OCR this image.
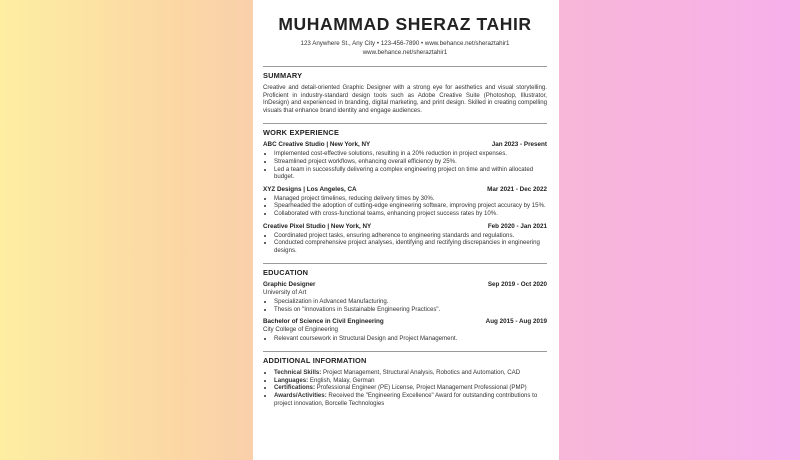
MUHAMMAD SHERAZ TAHIR
123 Anywhere St., Any City • 123-456-7890 • www.behance.net/sheraztahir1
www.behance.net/sheraztahir1
SUMMARY

Creative and detail-oriented Graphic Designer with a strong eye for aesthetics and visual storytelling. Proficient in industry-standard design tools such as Adobe Creative Suite (Photoshop, Illustrator, InDesign) and experienced in branding, digital marketing, and print design. Skilled in creating compelling visuals that enhance brand identity and engage audiences.

WORK EXPERIENCE
ABC Creative Studio | New York, NY	Jan 2023 - Present
• Implemented cost-effective solutions, resulting in a 20% reduction in project expenses.
• Streamlined project workflows, enhancing overall efficiency by 25%.
• Led a team in successfully delivering a complex engineering project on time and within allocated budget.
XYZ Designs | Los Angeles, CA	Mar 2021 - Dec 2022
• Managed project timelines, reducing delivery times by 30%.
• Spearheaded the adoption of cutting-edge engineering software, improving project accuracy by 15%.
• Collaborated with cross-functional teams, enhancing project success rates by 10%.
Creative Pixel Studio | New York, NY	Feb 2020 - Jan 2021
• Coordinated project tasks, ensuring adherence to engineering standards and regulations.
• Conducted comprehensive project analyses, identifying and rectifying discrepancies in engineering designs.
EDUCATION
Graphic Designer	Sep 2019 - Oct 2020
University of Art
• Specialization in Advanced Manufacturing.
• Thesis on "Innovations in Sustainable Engineering Practices".
Bachelor of Science in Civil Engineering	Aug 2015 - Aug 2019
City College of Engineering
• Relevant coursework in Structural Design and Project Management.
ADDITIONAL INFORMATION
• Technical Skills: Project Management, Structural Analysis, Robotics and Automation, CAD
• Languages: English, Malay, German
• Certifications: Professional Engineer (PE) License, Project Management Professional (PMP)
• Awards/Activities: Received the "Engineering Excellence" Award for outstanding contributions to project innovation, Borcelle Technologies
